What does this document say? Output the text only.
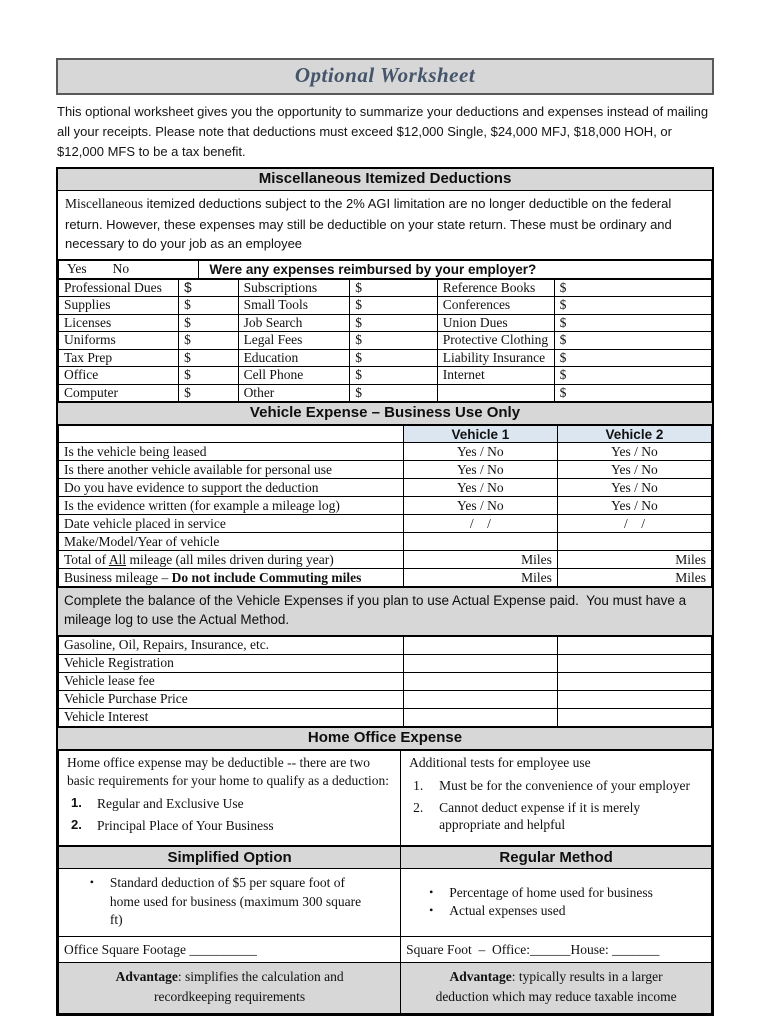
Optional Worksheet

This optional worksheet gives you the opportunity to summarize your deductions and expenses instead of mailing all your receipts. Please note that deductions must exceed $12,000 Single, $24,000 MFJ, $18,000 HOH, or $12,000 MFS to be a tax benefit.

Miscellaneous Itemized Deductions
Miscellaneous itemized deductions subject to the 2% AGI limitation are no longer deductible on the federal return. However, these expenses may still be deductible on your state return. These must be ordinary and necessary to do your job as an employee
Yes No	Were any expenses reimbursed by your employer?
Professional Dues	$	Subscriptions	$	Reference Books	$
Supplies	$	Small Tools	$	Conferences	$
Licenses	$	Job Search	$	Union Dues	$
Uniforms	$	Legal Fees	$	Protective Clothing	$
Tax Prep	$	Education	$	Liability Insurance	$
Office	$	Cell Phone	$	Internet	$
Computer	$	Other	$		$
Vehicle Expense – Business Use Only
	Vehicle 1	Vehicle 2
Is the vehicle being leased	Yes / No	Yes / No
Is there another vehicle available for personal use	Yes / No	Yes / No
Do you have evidence to support the deduction	Yes / No	Yes / No
Is the evidence written (for example a mileage log)	Yes / No	Yes / No
Date vehicle placed in service	/    /	/    /
Make/Model/Year of vehicle		
Total of All mileage (all miles driven during year)	Miles	Miles
Business mileage – Do not include Commuting miles	Miles	Miles
Complete the balance of the Vehicle Expenses if you plan to use Actual Expense paid.  You must have a mileage log to use the Actual Method.
Gasoline, Oil, Repairs, Insurance, etc.		
Vehicle Registration		
Vehicle lease fee		
Vehicle Purchase Price		
Vehicle Interest		
Home Office Expense

Home office expense may be deductible -- there are two basic requirements for your home to qualify as a deduction:

1. Regular and Exclusive Use
2. Principal Place of Your Business

Additional tests for employee use

1. Must be for the convenience of your employer
2. Cannot deduct expense if it is merely appropriate and helpful
Simplified Option	Regular Method

• Standard deduction of $5 per square foot of home used for business (maximum 300 square ft)

• Percentage of home used for business
• Actual expenses used

Office Square Footage __________	Square Foot  –  Office:______House: _______
Advantage: simplifies the calculation and recordkeeping requirements	Advantage: typically results in a larger deduction which may reduce taxable income
